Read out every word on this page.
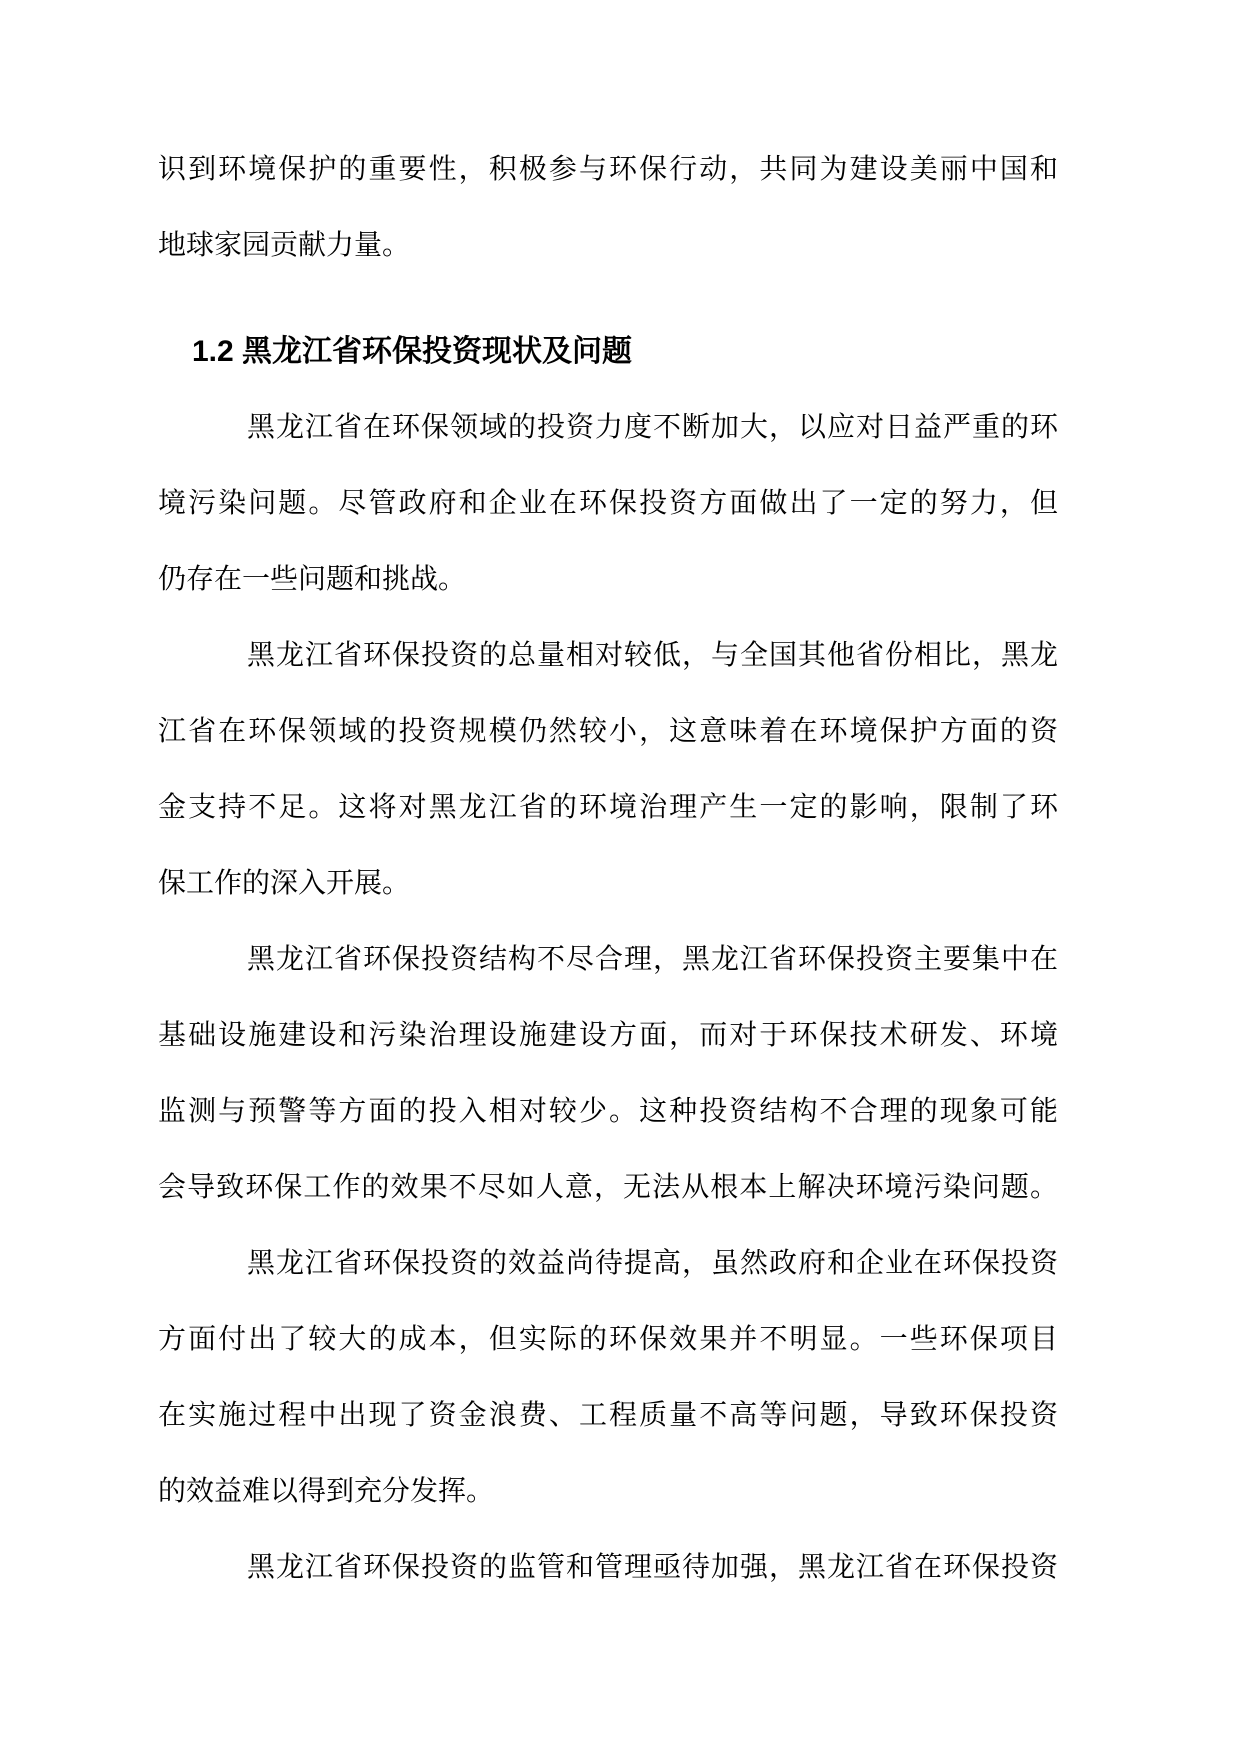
识到环境保护的重要性，积极参与环保行动，共同为建设美丽中国和
地球家园贡献力量。
1.2 黑龙江省环保投资现状及问题
黑龙江省在环保领域的投资力度不断加大，以应对日益严重的环
境污染问题。尽管政府和企业在环保投资方面做出了一定的努力，但
仍存在一些问题和挑战。
黑龙江省环保投资的总量相对较低，与全国其他省份相比，黑龙
江省在环保领域的投资规模仍然较小，这意味着在环境保护方面的资
金支持不足。这将对黑龙江省的环境治理产生一定的影响，限制了环
保工作的深入开展。
黑龙江省环保投资结构不尽合理，黑龙江省环保投资主要集中在
基础设施建设和污染治理设施建设方面，而对于环保技术研发、环境
监测与预警等方面的投入相对较少。这种投资结构不合理的现象可能
会导致环保工作的效果不尽如人意，无法从根本上解决环境污染问题。
黑龙江省环保投资的效益尚待提高，虽然政府和企业在环保投资
方面付出了较大的成本，但实际的环保效果并不明显。一些环保项目
在实施过程中出现了资金浪费、工程质量不高等问题，导致环保投资
的效益难以得到充分发挥。
黑龙江省环保投资的监管和管理亟待加强，黑龙江省在环保投资
